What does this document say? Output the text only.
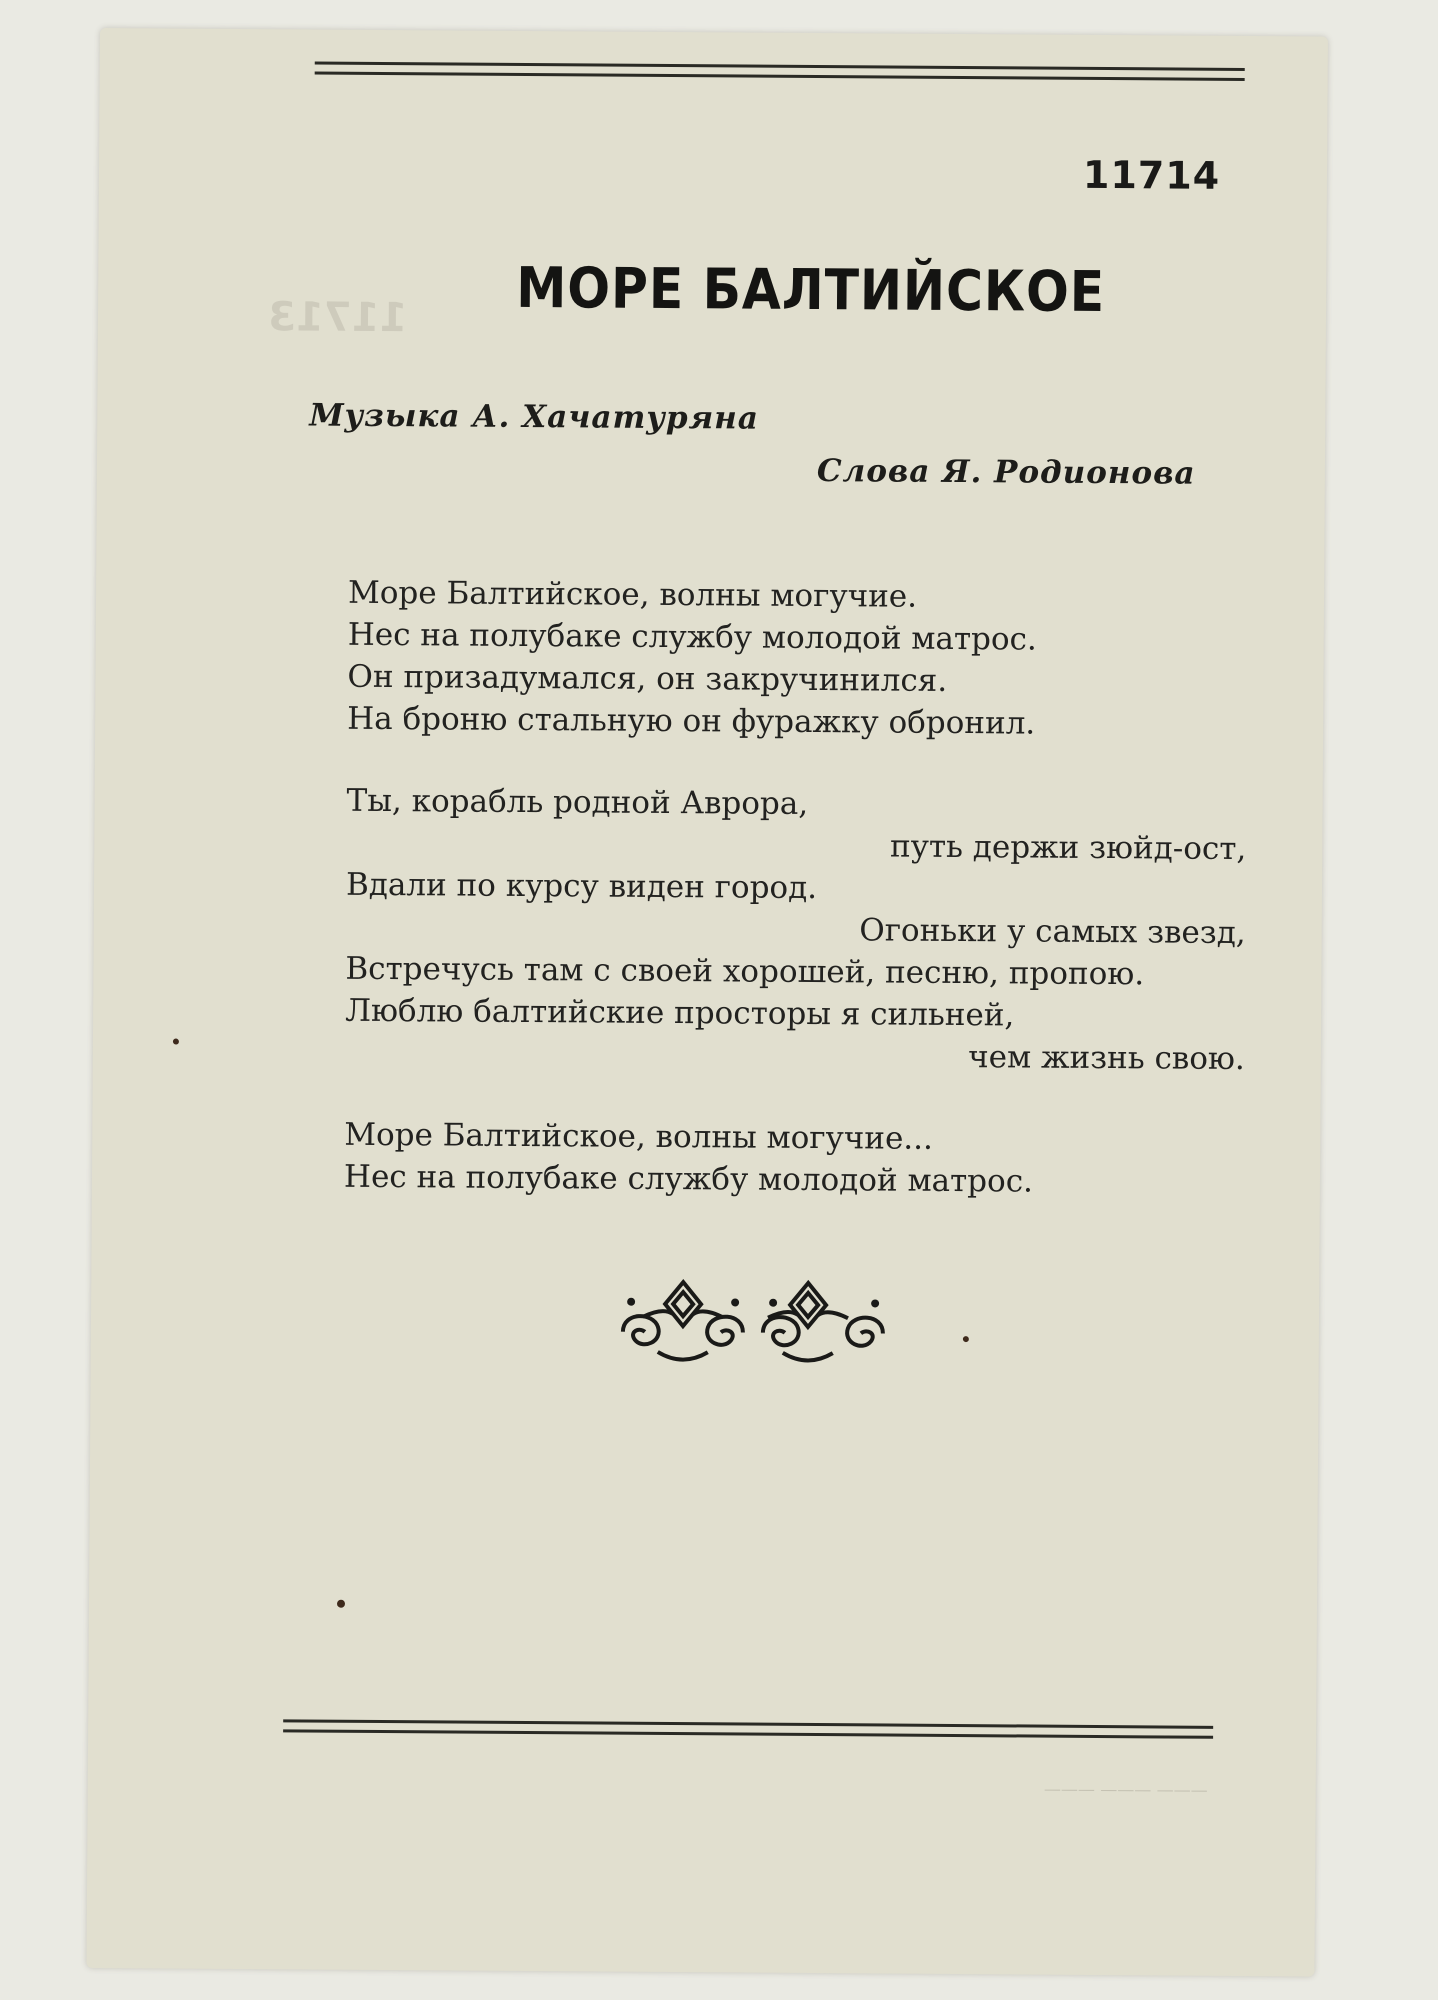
11713
11714
МОРЕ БАЛТИЙСКОЕ
Музыка А. Хачатуряна
Слова Я. Родионова
Море Балтийское, волны могучие.
Нес на полубаке службу молодой матрос.
Он призадумался, он закручинился.
На броню стальную он фуражку обронил.
Ты, корабль родной Аврора,
путь держи зюйд-ост,
Вдали по курсу виден город.
Огоньки у самых звезд,
Встречусь там с своей хорошей, песню, пропою.
Люблю балтийские просторы я сильней,
чем жизнь свою.
Море Балтийское, волны могучие...
Нес на полубаке службу молодой матрос.
——— ——— ———
